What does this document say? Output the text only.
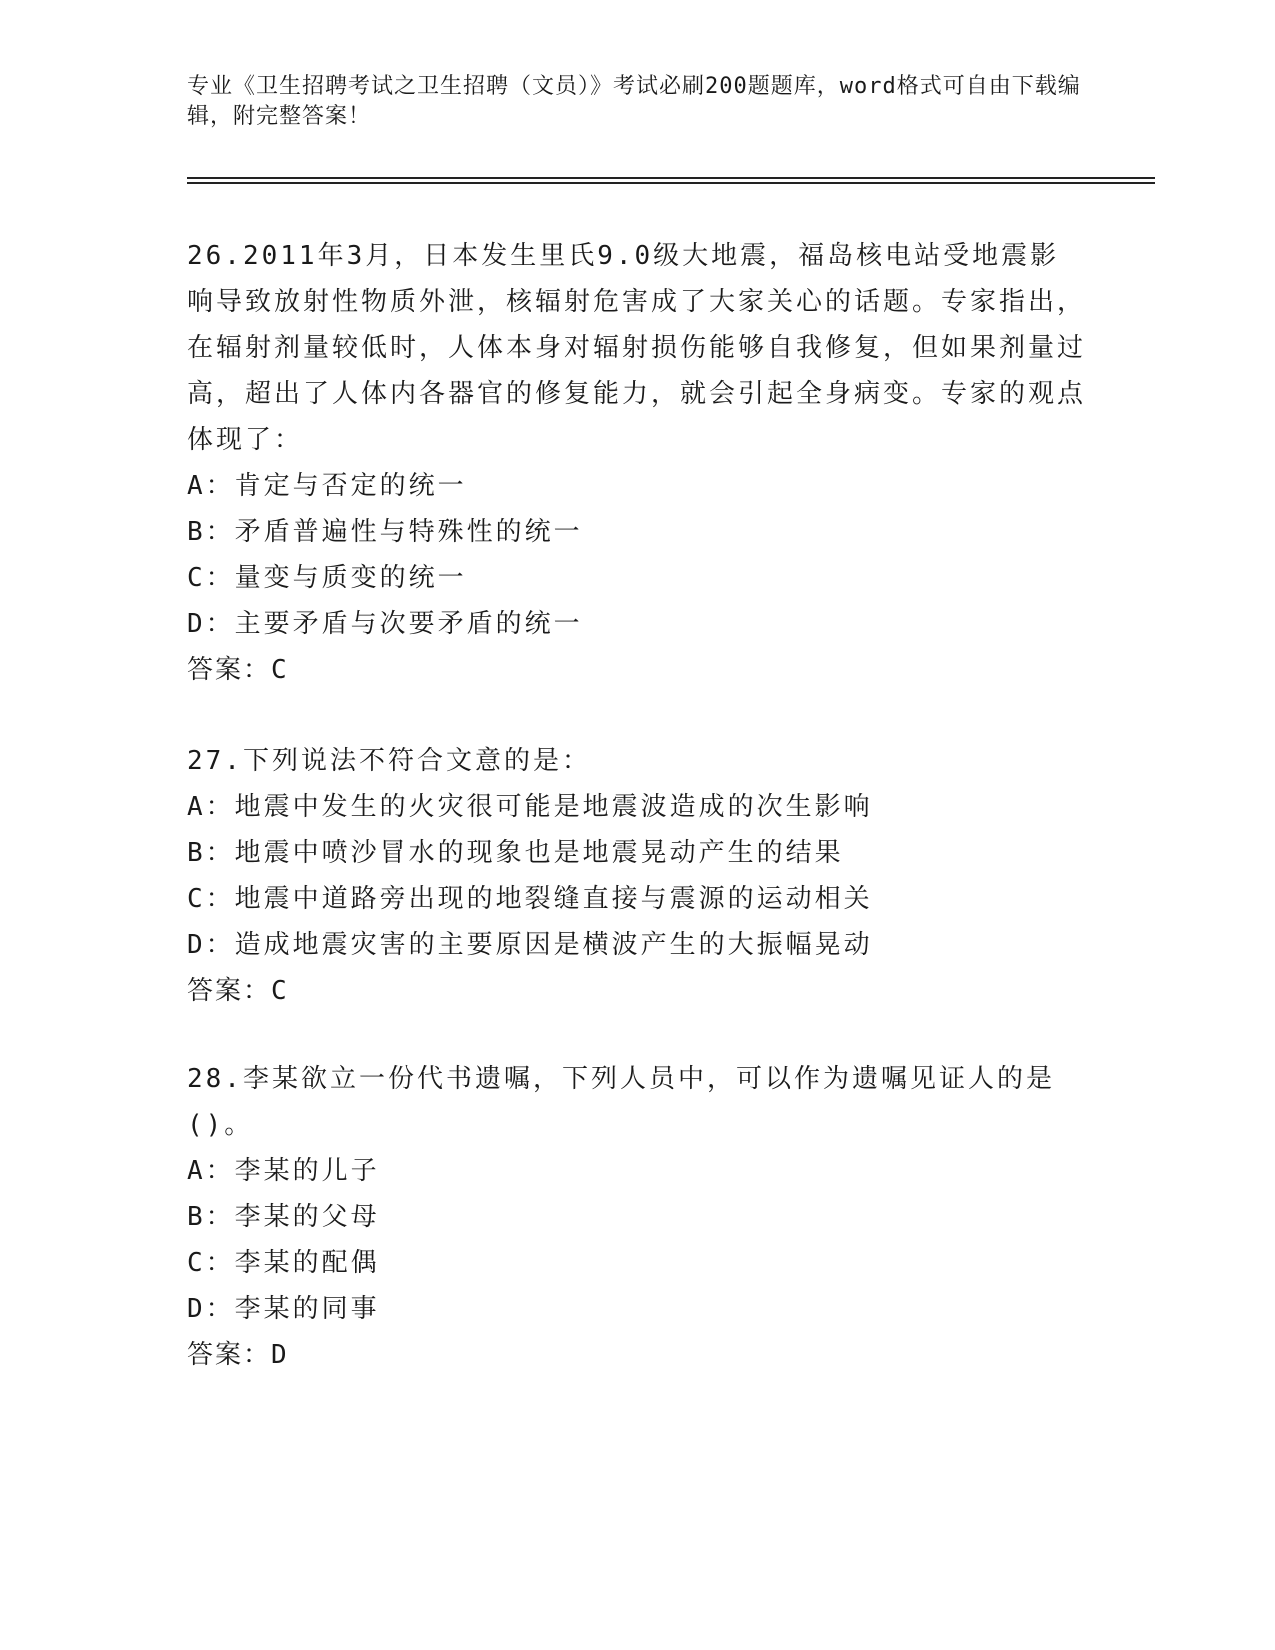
专业《卫生招聘考试之卫生招聘（文员）》考试必刷200题题库，word格式可自由下载编辑，附完整答案！

26.2011年3月，日本发生里氏9.0级大地震，福岛核电站受地震影响导致放射性物质外泄，核辐射危害成了大家关心的话题。专家指出，在辐射剂量较低时，人体本身对辐射损伤能够自我修复，但如果剂量过高，超出了人体内各器官的修复能力，就会引起全身病变。专家的观点体现了：

A：肯定与否定的统一

B：矛盾普遍性与特殊性的统一

C：量变与质变的统一

D：主要矛盾与次要矛盾的统一

答案：C

27.下列说法不符合文意的是：

A：地震中发生的火灾很可能是地震波造成的次生影响

B：地震中喷沙冒水的现象也是地震晃动产生的结果

C：地震中道路旁出现的地裂缝直接与震源的运动相关

D：造成地震灾害的主要原因是横波产生的大振幅晃动

答案：C

28.李某欲立一份代书遗嘱，下列人员中，可以作为遗嘱见证人的是()。

A：李某的儿子

B：李某的父母

C：李某的配偶

D：李某的同事

答案：D
